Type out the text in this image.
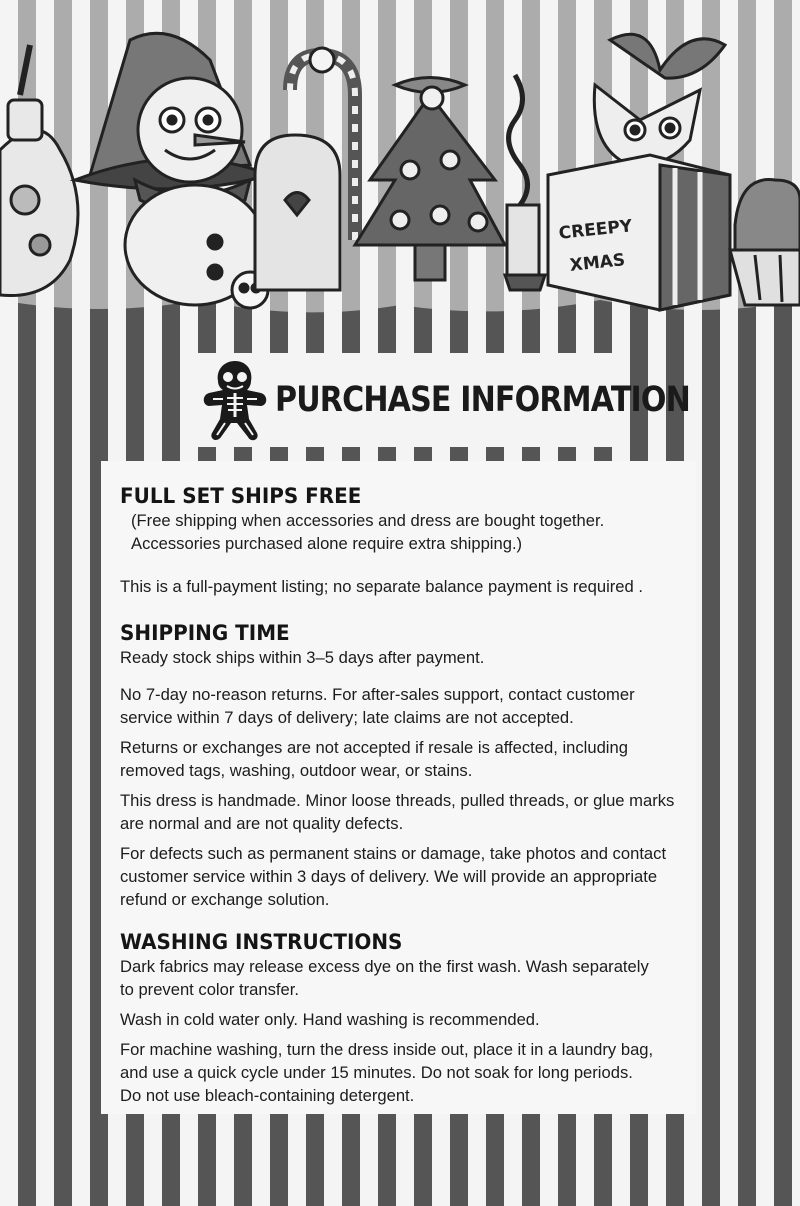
CREEPY
XMAS
PURCHASE INFORMATION
FULL SET SHIPS FREE
(Free shipping when accessories and dress are bought together.
Accessories purchased alone require extra shipping.)
This is a full-payment listing; no separate balance payment is required .
SHIPPING TIME
Ready stock ships within 3–5 days after payment.
No 7-day no-reason returns. For after-sales support, contact customer
service within 7 days of delivery; late claims are not accepted.
Returns or exchanges are not accepted if resale is affected, including
removed tags, washing, outdoor wear, or stains.
This dress is handmade. Minor loose threads, pulled threads, or glue marks
are normal and are not quality defects.
For defects such as permanent stains or damage, take photos and contact
customer service within 3 days of delivery. We will provide an appropriate
refund or exchange solution.
WASHING INSTRUCTIONS
Dark fabrics may release excess dye on the first wash. Wash separately
to prevent color transfer.
Wash in cold water only. Hand washing is recommended.
For machine washing, turn the dress inside out, place it in a laundry bag,
and use a quick cycle under 15 minutes. Do not soak for long periods.
Do not use bleach-containing detergent.
